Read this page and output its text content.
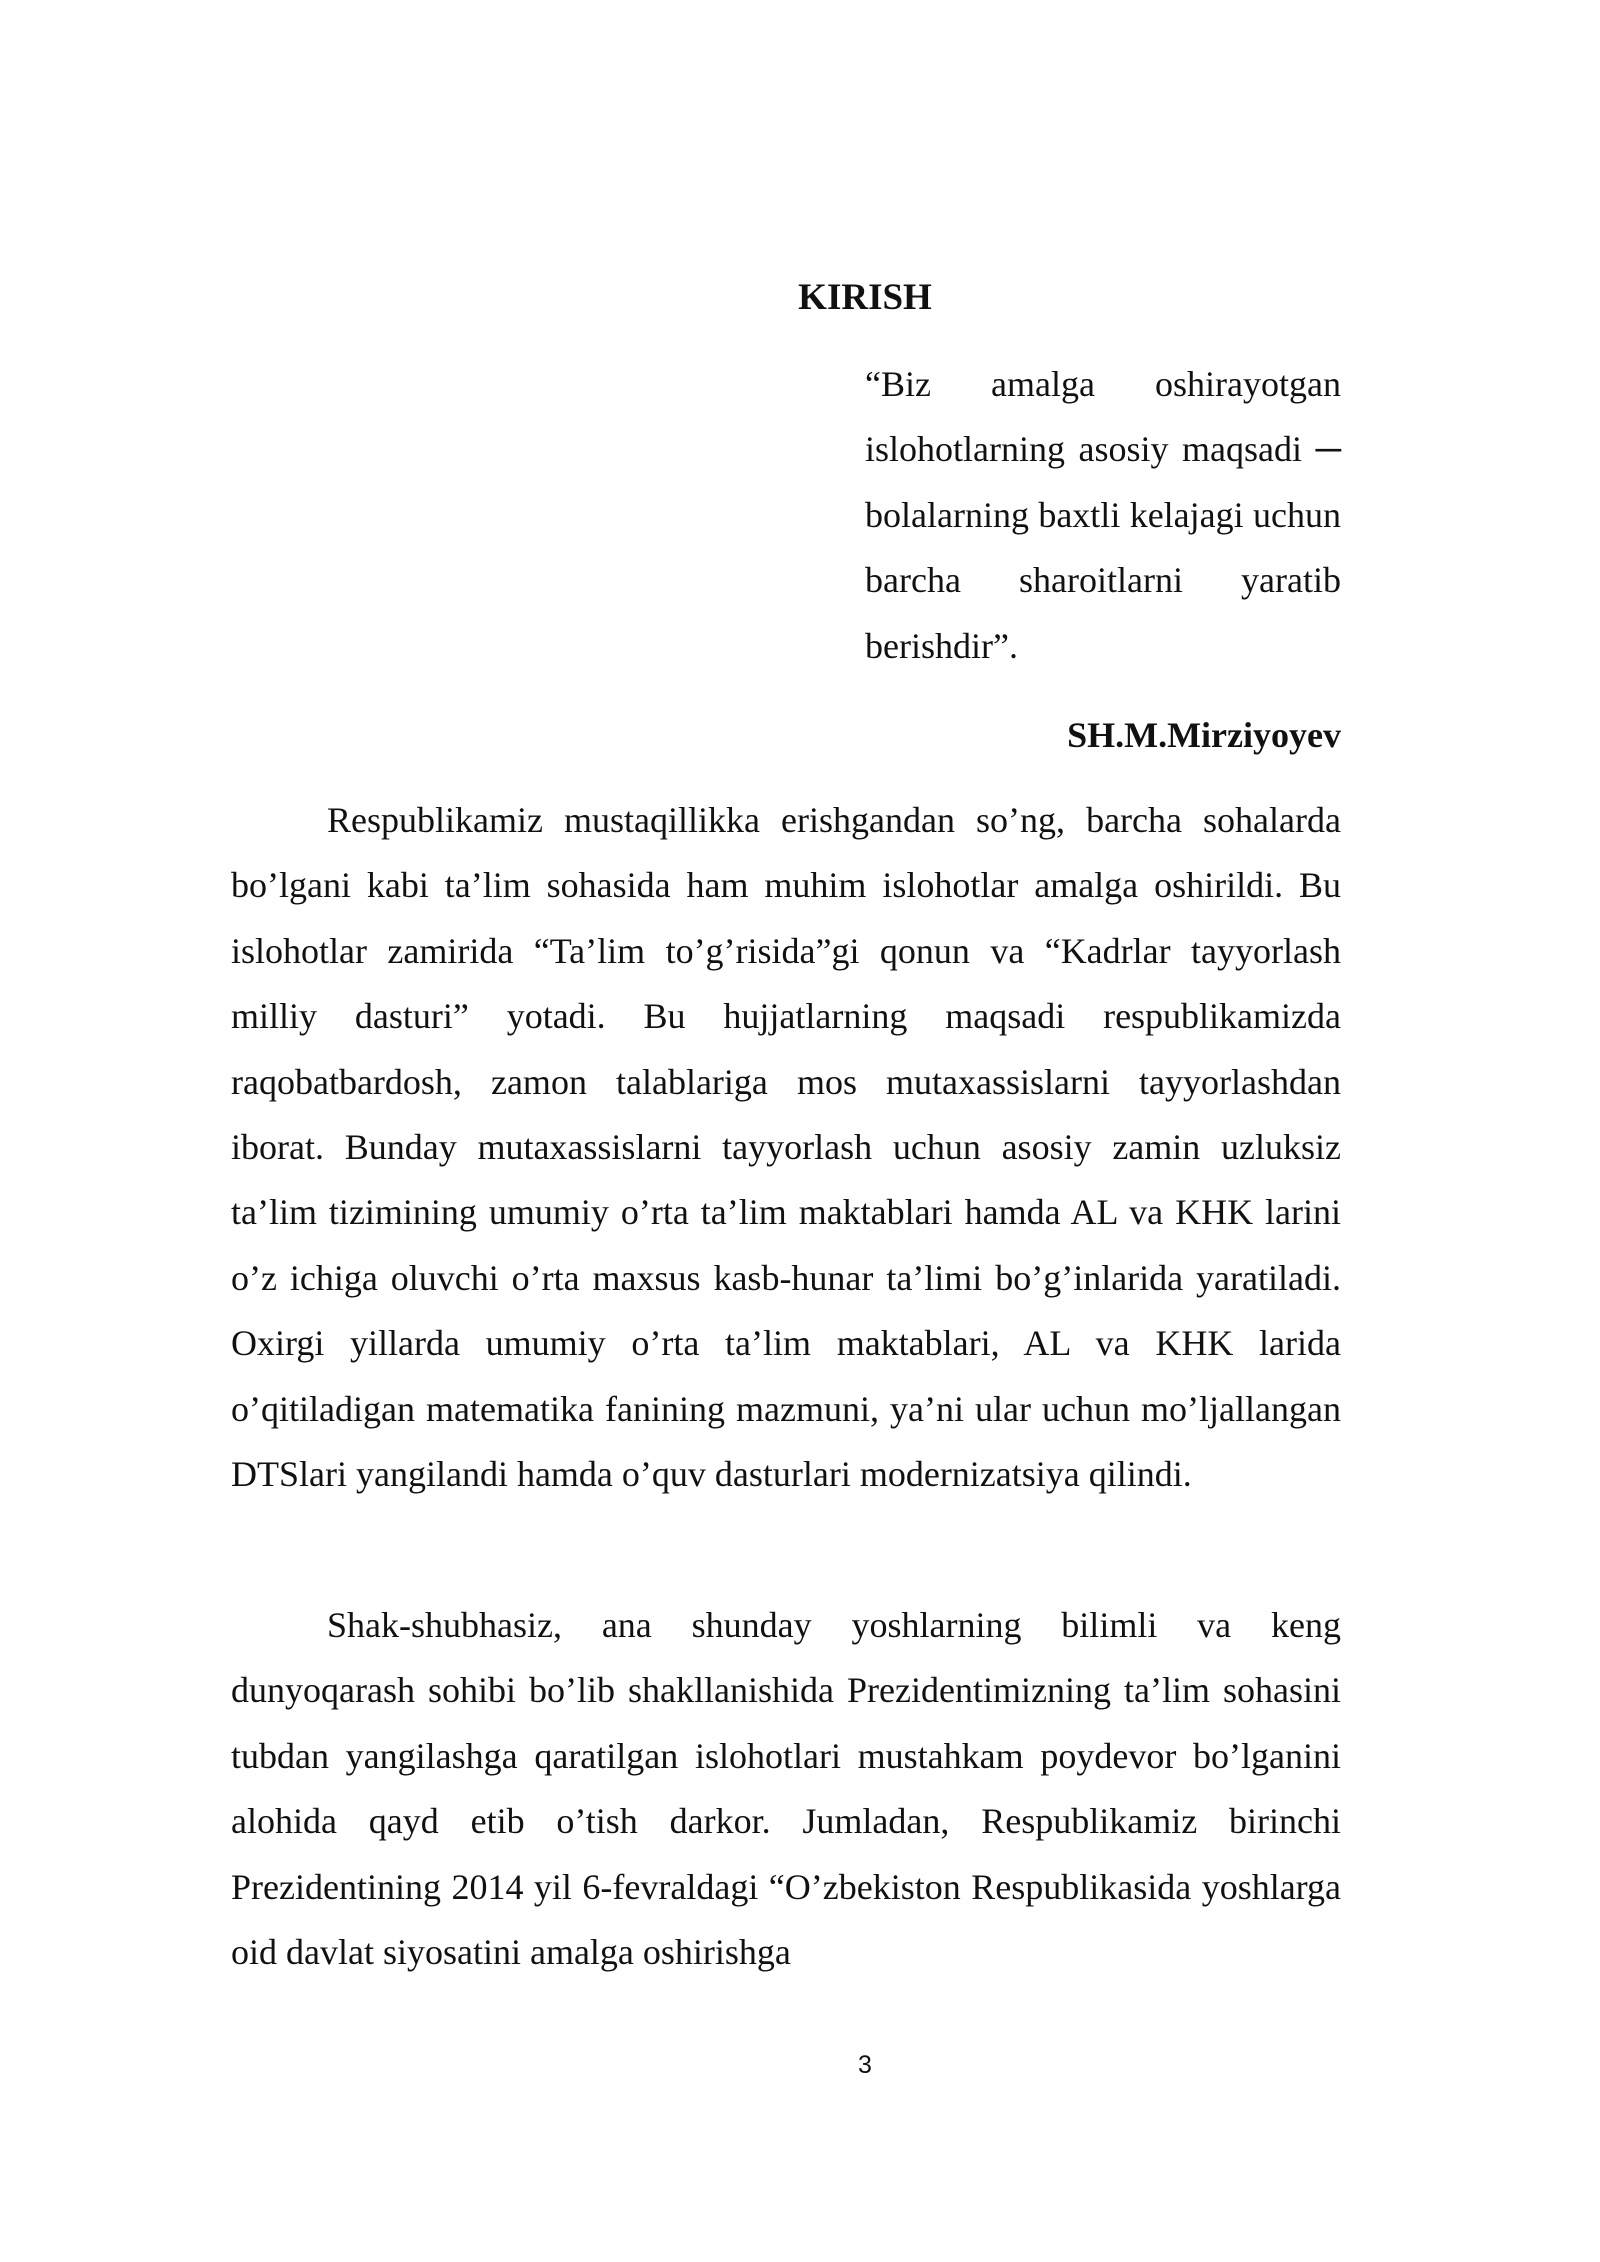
KIRISH

“Biz amalga oshirayotgan islohotlarning asosiy maqsadi ─ bolalarning baxtli kelajagi uchun barcha sharoitlarni yaratib berishdir”.

SH.M.Mirziyoyev

Respublikamiz mustaqillikka erishgandan so’ng, barcha sohalarda bo’lgani kabi ta’lim sohasida ham muhim islohotlar amalga oshirildi. Bu islohotlar zamirida “Ta’lim to’g’risida”gi qonun va “Kadrlar tayyorlash milliy dasturi” yotadi. Bu hujjatlarning maqsadi respublikamizda raqobatbardosh, zamon talablariga mos mutaxassislarni tayyorlashdan iborat. Bunday mutaxassislarni tayyorlash uchun asosiy zamin uzluksiz ta’lim tizimining umumiy o’rta ta’lim maktablari hamda AL va KHK larini o’z ichiga oluvchi o’rta maxsus kasb-hunar ta’limi bo’g’inlarida yaratiladi. Oxirgi yillarda umumiy o’rta ta’lim maktablari, AL va KHK larida o’qitiladigan matematika fanining mazmuni, ya’ni ular uchun mo’ljallangan DTSlari yangilandi hamda o’quv dasturlari modernizatsiya qilindi.

Shak-shubhasiz, ana shunday yoshlarning bilimli va keng dunyoqarash sohibi bo’lib shakllanishida Prezidentimizning ta’lim sohasini tubdan yangilashga qaratilgan islohotlari mustahkam poydevor bo’lganini alohida qayd etib o’tish darkor. Jumladan, Respublikamiz birinchi Prezidentining 2014 yil 6-fevraldagi “O’zbekiston Respublikasida yoshlarga oid davlat siyosatini amalga oshirishga

3
